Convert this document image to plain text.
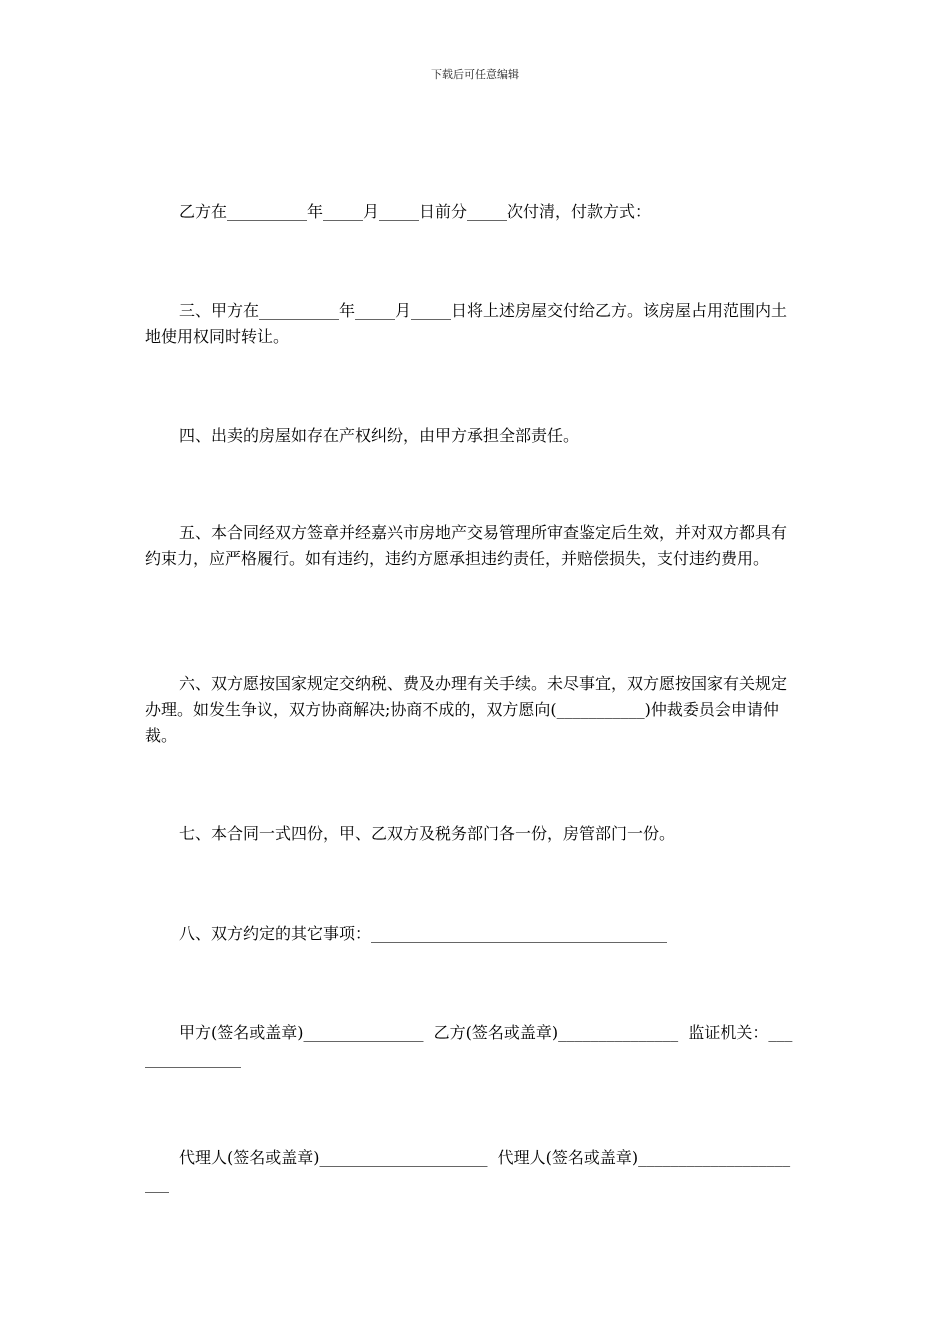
下载后可任意编辑

乙方在__________年_____月_____日前分_____次付清，付款方式：

三、甲方在__________年_____月_____日将上述房屋交付给乙方。该房屋占用范围内土地使用权同时转让。

四、出卖的房屋如存在产权纠纷，由甲方承担全部责任。

五、本合同经双方签章并经嘉兴市房地产交易管理所审查鉴定后生效，并对双方都具有约束力，应严格履行。如有违约，违约方愿承担违约责任，并赔偿损失，支付违约费用。

六、双方愿按国家规定交纳税、费及办理有关手续。未尽事宜，双方愿按国家有关规定办理。如发生争议，双方协商解决;协商不成的，双方愿向(___________)仲裁委员会申请仲裁。

七、本合同一式四份，甲、乙双方及税务部门各一份，房管部门一份。

八、双方约定的其它事项：_____________________________________

甲方(签名或盖章)_______________  乙方(签名或盖章)_______________  监证机关：_______________

代理人(签名或盖章)_____________________  代理人(签名或盖章)______________________
